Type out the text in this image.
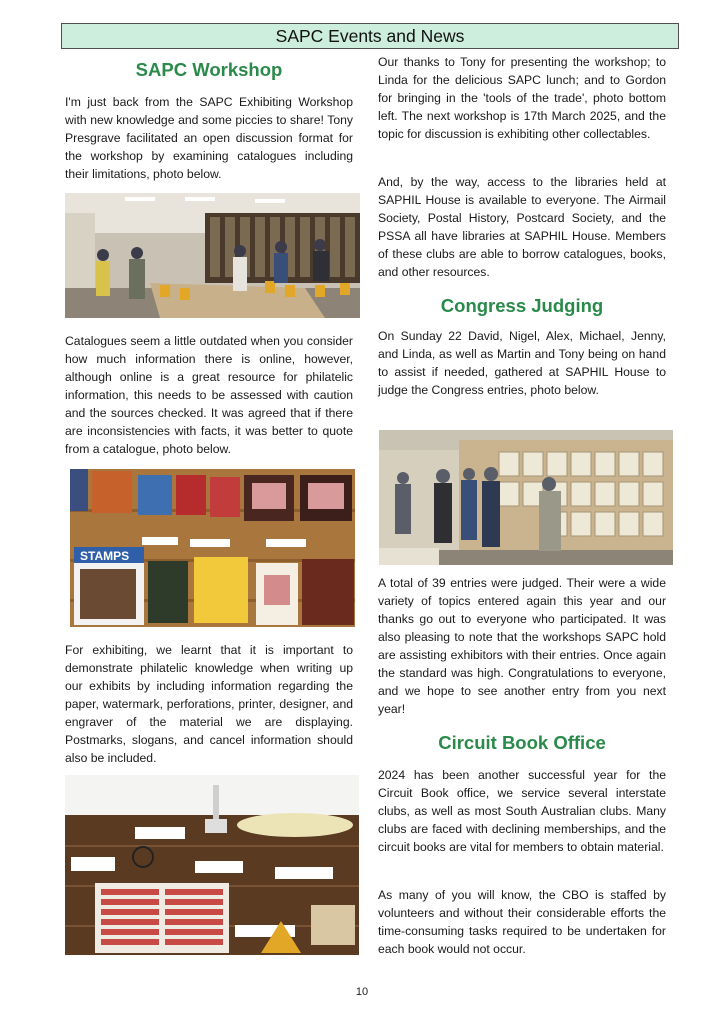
SAPC Events and News
SAPC Workshop

I'm just back from the SAPC Exhibiting Workshop with new knowledge and some piccies to share! Tony Presgrave facilitated an open discussion format for the workshop by examining catalogues including their limitations, photo below.

Catalogues seem a little outdated when you consider how much information there is online, however, although online is a great resource for philatelic information, this needs to be assessed with caution and the sources checked. It was agreed that if there are inconsistencies with facts, it was better to quote from a catalogue, photo below.

STAMPS

For exhibiting, we learnt that it is important to demonstrate philatelic knowledge when writing up our exhibits by including information regarding the paper, watermark, perforations, printer, designer, and engraver of the material we are displaying. Postmarks, slogans, and cancel information should also be included.

Our thanks to Tony for presenting the workshop; to Linda for the delicious SAPC lunch; and to Gordon for bringing in the 'tools of the trade', photo bottom left. The next workshop is 17th March 2025, and the topic for discussion is exhibiting other collectables.

And, by the way, access to the libraries held at SAPHIL House is available to everyone. The Airmail Society, Postal History, Postcard Society, and the PSSA all have libraries at SAPHIL House. Members of these clubs are able to borrow catalogues, books, and other resources.

Congress Judging

On Sunday 22 David, Nigel, Alex, Michael, Jenny, and Linda, as well as Martin and Tony being on hand to assist if needed, gathered at SAPHIL House to judge the Congress entries, photo below.

A total of 39 entries were judged. Their were a wide variety of topics entered again this year and our thanks go out to everyone who participated. It was also pleasing to note that the workshops SAPC hold are assisting exhibitors with their entries. Once again the standard was high. Congratulations to everyone, and we hope to see another entry from you next year!

Circuit Book Office

2024 has been another successful year for the Circuit Book office, we service several interstate clubs, as well as most South Australian clubs. Many clubs are faced with declining memberships, and the circuit books are vital for members to obtain material.

As many of you will know, the CBO is staffed by volunteers and without their considerable efforts the time-consuming tasks required to be undertaken for each book would not occur.

10
